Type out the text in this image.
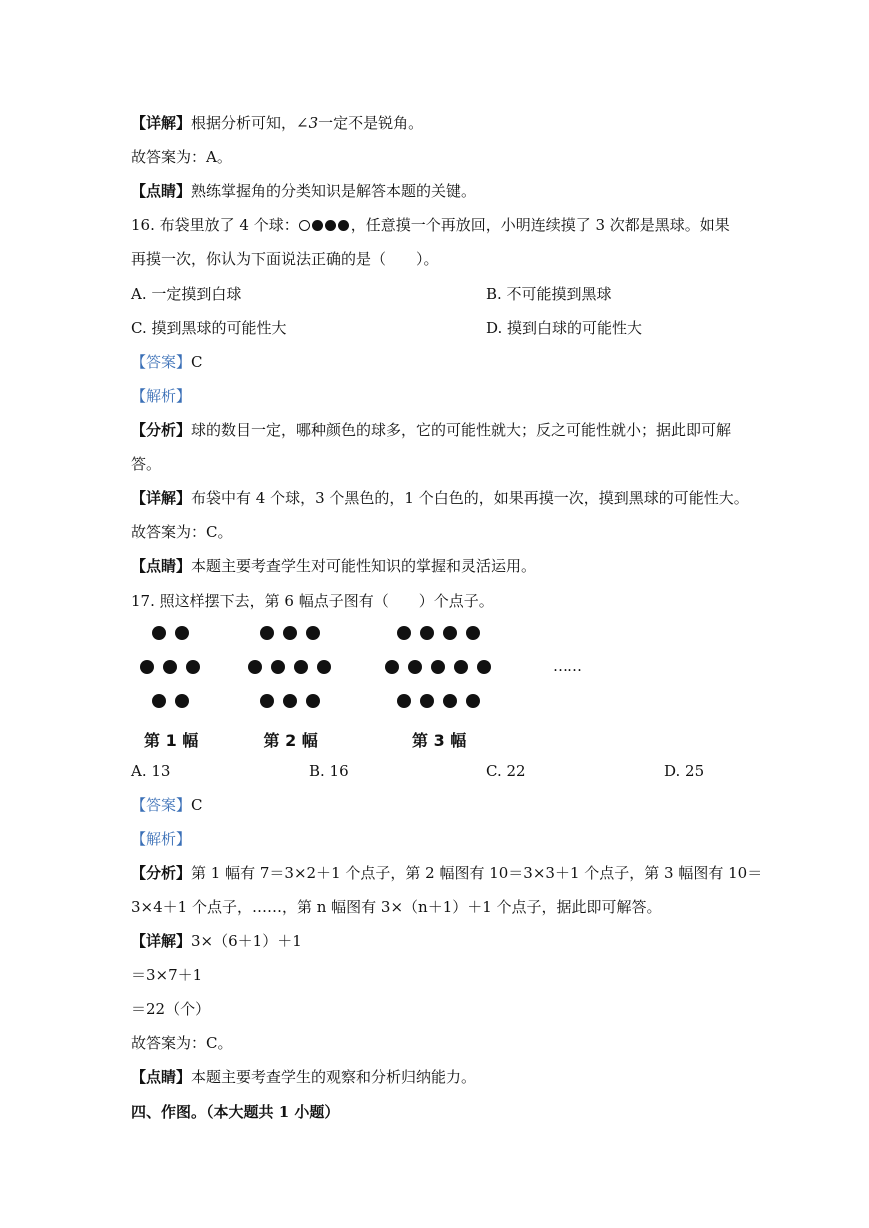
【详解】根据分析可知，∠3一定不是锐角。
故答案为：A。
【点睛】熟练掌握角的分类知识是解答本题的关键。
16. 布袋里放了 4 个球：	，任意摸一个再放回，小明连续摸了 3 次都是黑球。如果
再摸一次，你认为下面说法正确的是（　　）。
A. 一定摸到白球	B. 不可能摸到黑球
C. 摸到黑球的可能性大	D. 摸到白球的可能性大
【答案】C
【解析】
【分析】球的数目一定，哪种颜色的球多，它的可能性就大；反之可能性就小；据此即可解
答。
【详解】布袋中有 4 个球，3 个黑色的，1 个白色的，如果再摸一次，摸到黑球的可能性大。
故答案为：C。
【点睛】本题主要考查学生对可能性知识的掌握和灵活运用。
17. 照这样摆下去，第 6 幅点子图有（　　）个点子。
第 1 幅	第 2 幅	第 3 幅
……
A. 13	B. 16	C. 22	D. 25
【答案】C
【解析】
【分析】第 1 幅有 7＝3×2＋1 个点子，第 2 幅图有 10＝3×3＋1 个点子，第 3 幅图有 10＝
3×4＋1 个点子，……，第 n 幅图有 3×（n＋1）＋1 个点子，据此即可解答。
【详解】3×（6＋1）＋1
＝3×7＋1
＝22（个）
故答案为：C。
【点睛】本题主要考查学生的观察和分析归纳能力。
四、作图。（本大题共 1 小题）
